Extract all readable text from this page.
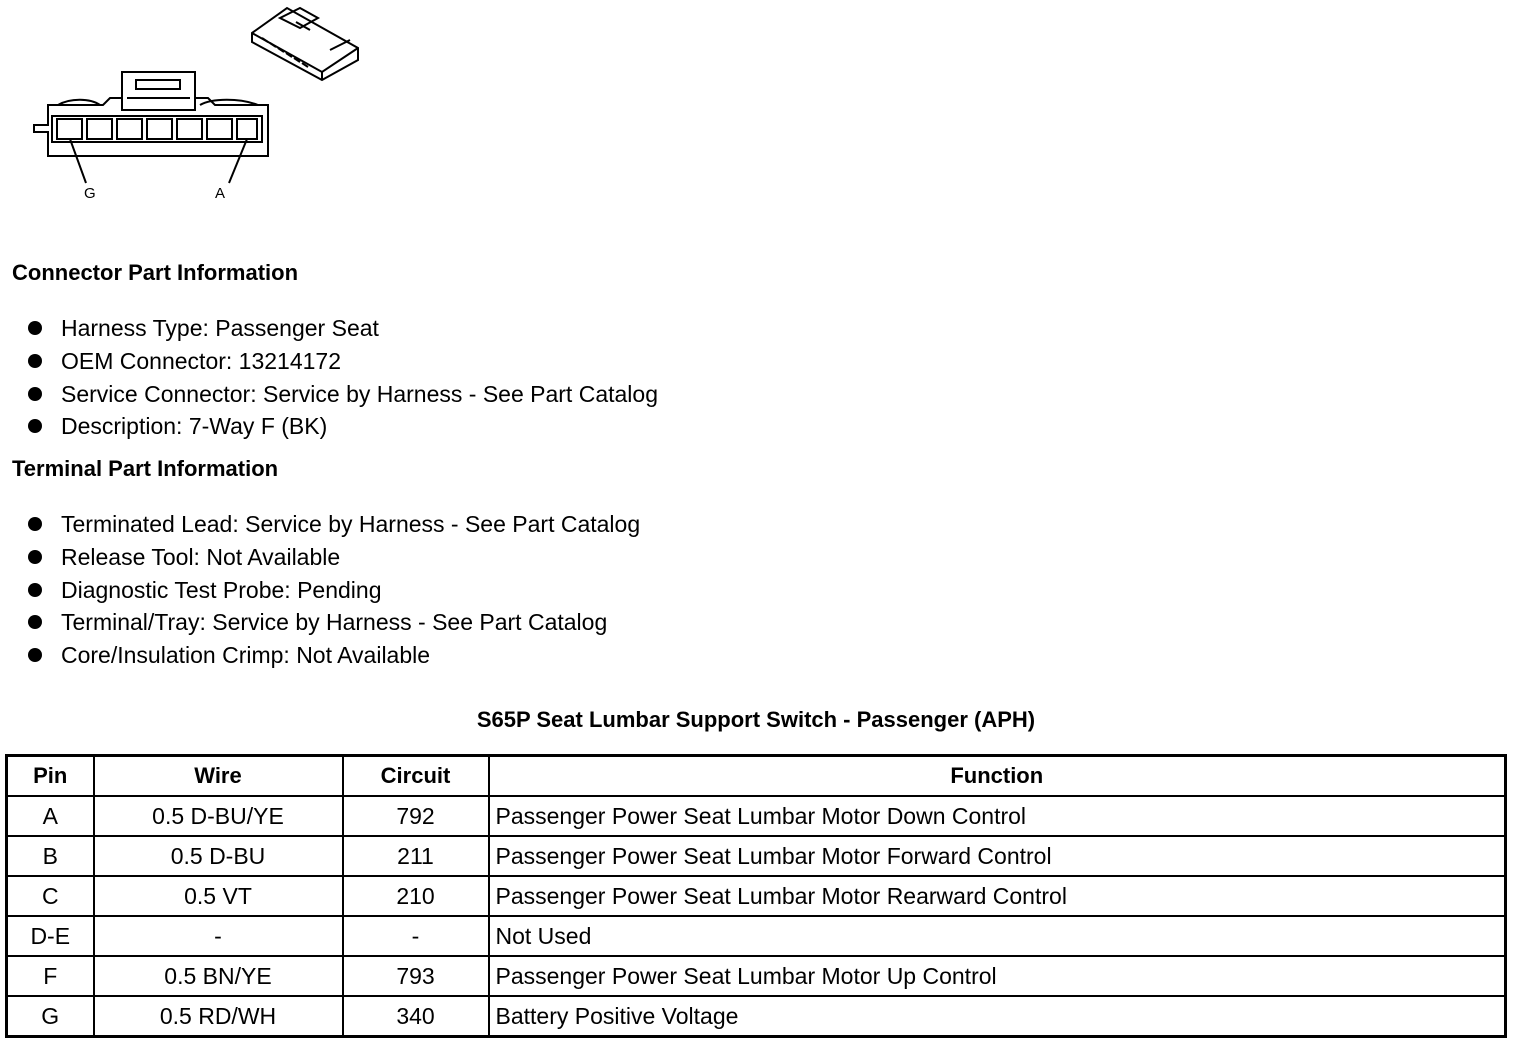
G	A
Connector Part Information
Harness Type: Passenger Seat
OEM Connector: 13214172
Service Connector: Service by Harness - See Part Catalog
Description: 7-Way F (BK)
Terminal Part Information
Terminated Lead: Service by Harness - See Part Catalog
Release Tool: Not Available
Diagnostic Test Probe: Pending
Terminal/Tray: Service by Harness - See Part Catalog
Core/Insulation Crimp: Not Available
S65P Seat Lumbar Support Switch - Passenger (APH)
Pin	Wire	Circuit	Function
A	0.5 D-BU/YE	792	Passenger Power Seat Lumbar Motor Down Control
B	0.5 D-BU	211	Passenger Power Seat Lumbar Motor Forward Control
C	0.5 VT	210	Passenger Power Seat Lumbar Motor Rearward Control
D-E	-	-	Not Used
F	0.5 BN/YE	793	Passenger Power Seat Lumbar Motor Up Control
G	0.5 RD/WH	340	Battery Positive Voltage
